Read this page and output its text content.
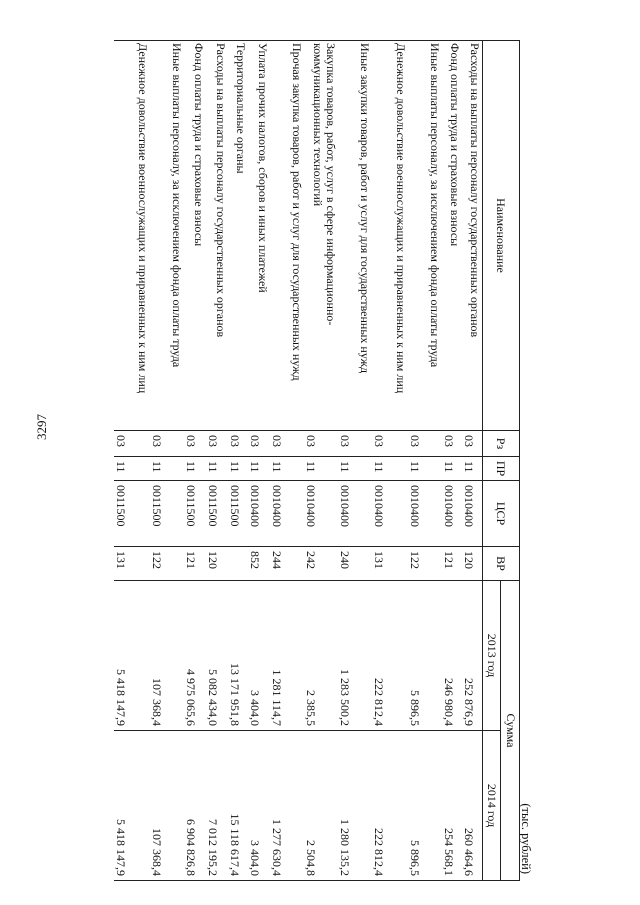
3297
(тыс. рублей)
Наименование	Рз	ПР	ЦСР	ВР	Сумма	
					2013 год	2014 год
Расходы на выплаты персоналу государственных органов	03	11	0010400	120	252 876,9	260 464,6
Фонд оплаты труда и страховые взносы	03	11	0010400	121	246 980,4	254 568,1
Иные выплаты персоналу, за исключением фонда оплаты труда	03	11	0010400	122	5 896,5	5 896,5
Денежное довольствие военнослужащих и приравненных к ним лиц	03	11	0010400	131	222 812,4	222 812,4
Иные закупки товаров, работ и услуг для государственных нужд	03	11	0010400	240	1 283 500,2	1 280 135,2
Закупка товаров, работ, услуг в сфере информационно-коммуникационных технологий	03	11	0010400	242	2 385,5	2 504,8
Прочая закупка товаров, работ и услуг для государственных нужд	03	11	0010400	244	1 281 114,7	1 277 630,4
Уплата прочих налогов, сборов и иных платежей	03	11	0010400	852	3 404,0	3 404,0
Территориальные органы	03	11	0011500		13 171 951,8	15 118 617,4
Расходы на выплаты персоналу государственных органов	03	11	0011500	120	5 082 434,0	7 012 195,2
Фонд оплаты труда и страховые взносы	03	11	0011500	121	4 975 065,6	6 904 826,8
Иные выплаты персоналу, за исключением фонда оплаты труда	03	11	0011500	122	107 368,4	107 368,4
Денежное довольствие военнослужащих и приравненных к ним лиц	03	11	0011500	131	5 418 147,9	5 418 147,9
